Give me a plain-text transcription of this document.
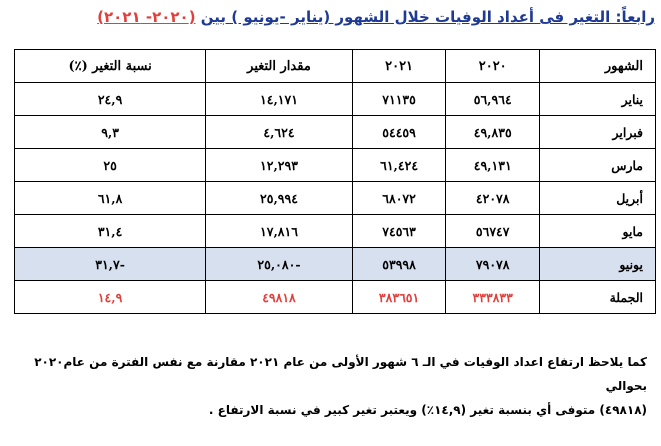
رابعاً: التغير فى أعداد الوفيات خلال الشهور (يناير -يونيو ) بين (٢٠٢٠- ٢٠٢١)
الشهور	٢٠٢٠	٢٠٢١	مقدار التغير	نسبة التغير (٪)
يناير	٥٦,٩٦٤	٧١١٣٥	١٤,١٧١	٢٤,٩
فبراير	٤٩,٨٣٥	٥٤٤٥٩	٤,٦٢٤	٩,٣
مارس	٤٩,١٣١	٦١,٤٢٤	١٢,٢٩٣	٢٥
أبريل	٤٢٠٧٨	٦٨٠٧٢	٢٥,٩٩٤	٦١,٨
مايو	٥٦٧٤٧	٧٤٥٦٣	١٧,٨١٦	٣١,٤
يونيو	٧٩٠٧٨	٥٣٩٩٨	-٢٥,٠٨٠	-٣١,٧
الجملة	٣٣٣٨٣٣	٣٨٣٦٥١	٤٩٨١٨	١٤,٩
كما يلاحظ ارتفاع اعداد الوفيات في الـ ٦ شهور الأولى من عام ٢٠٢١ مقارنة مع نفس الفترة من عام٢٠٢٠ بحوالي
(٤٩٨١٨) متوفى أي بنسبة تغير (١٤,٩٪) ويعتبر تغير كبير في نسبة الارتفاع .
